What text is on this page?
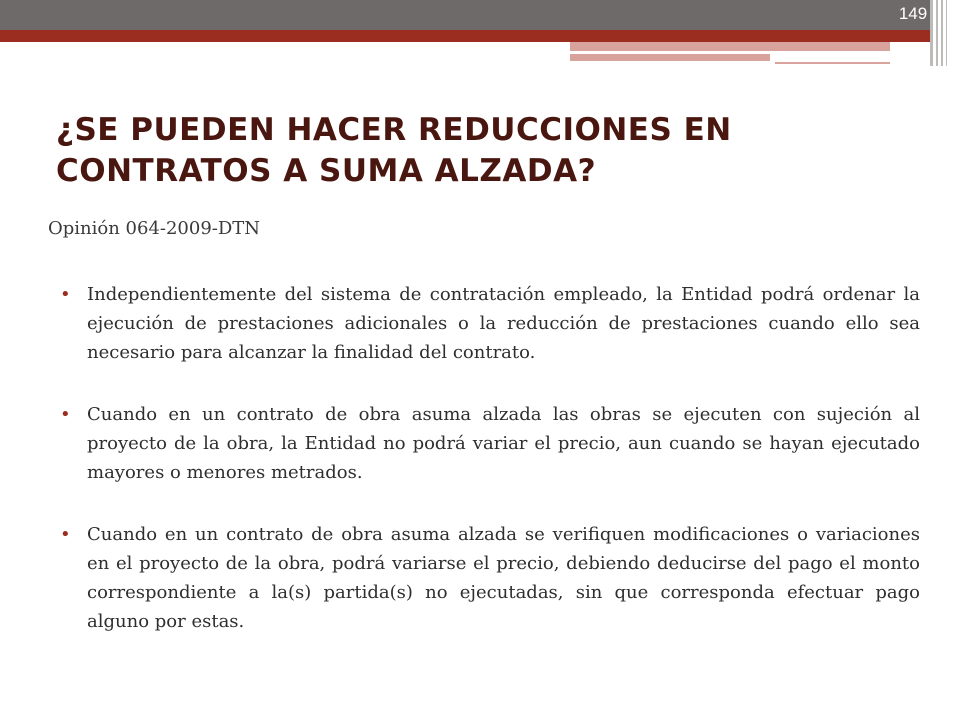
149
¿SE PUEDEN HACER REDUCCIONES EN CONTRATOS A SUMA ALZADA?
Opinión 064-2009-DTN
• Independientemente del sistema de contratación empleado, la Entidad podrá ordenar la ejecución de prestaciones adicionales o la reducción de prestaciones cuando ello sea necesario para alcanzar la finalidad del contrato.
• Cuando en un contrato de obra asuma alzada las obras se ejecuten con sujeción al proyecto de la obra, la Entidad no podrá variar el precio, aun cuando se hayan ejecutado mayores o menores metrados.
• Cuando en un contrato de obra asuma alzada se verifiquen modificaciones o variaciones en el proyecto de la obra, podrá variarse el precio, debiendo deducirse del pago el monto correspondiente a la(s) partida(s) no ejecutadas, sin que corresponda efectuar pago alguno por estas.
